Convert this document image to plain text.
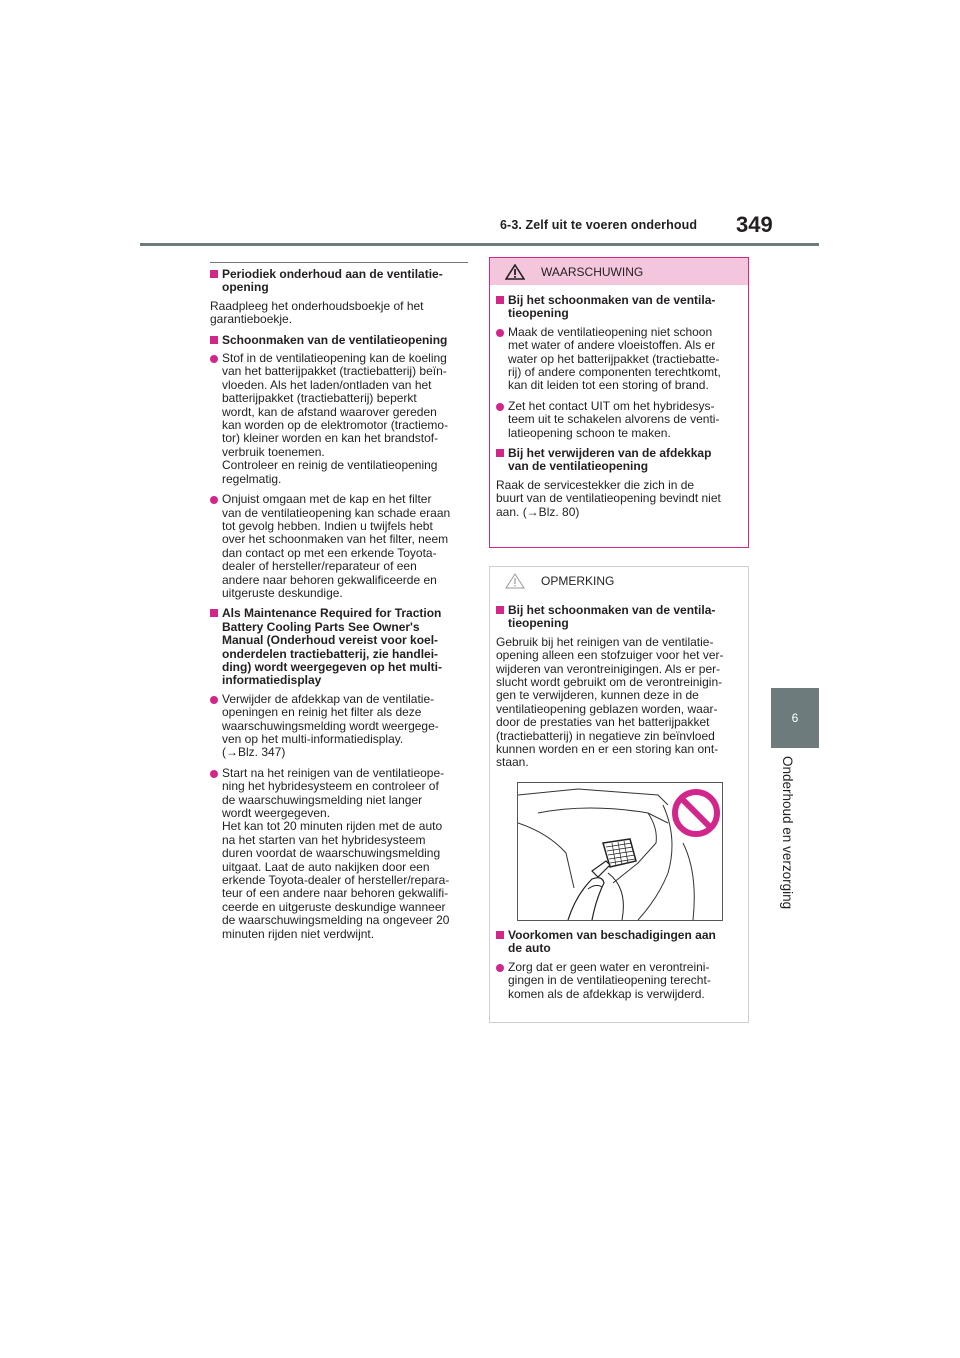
6-3. Zelf uit te voeren onderhoud 349
6
Onderhoud en verzorging
Periodiek onderhoud aan de ventilatie-
opening
Raadpleeg het onderhoudsboekje of het
garantieboekje.
Schoonmaken van de ventilatieopening
Stof in de ventilatieopening kan de koeling
van het batterijpakket (tractiebatterij) beïn-
vloeden. Als het laden/ontladen van het
batterijpakket (tractiebatterij) beperkt
wordt, kan de afstand waarover gereden
kan worden op de elektromotor (tractiemo-
tor) kleiner worden en kan het brandstof-
verbruik toenemen.
Controleer en reinig de ventilatieopening
regelmatig.
Onjuist omgaan met de kap en het filter
van de ventilatieopening kan schade eraan
tot gevolg hebben. Indien u twijfels hebt
over het schoonmaken van het filter, neem
dan contact op met een erkende Toyota-
dealer of hersteller/reparateur of een
andere naar behoren gekwalificeerde en
uitgeruste deskundige.
Als Maintenance Required for Traction
Battery Cooling Parts See Owner's
Manual (Onderhoud vereist voor koel-
onderdelen tractiebatterij, zie handlei-
ding) wordt weergegeven op het multi-
informatiedisplay
Verwijder de afdekkap van de ventilatie-
openingen en reinig het filter als deze
waarschuwingsmelding wordt weergege-
ven op het multi-informatiedisplay.
(→Blz. 347)
Start na het reinigen van de ventilatieope-
ning het hybridesysteem en controleer of
de waarschuwingsmelding niet langer
wordt weergegeven.
Het kan tot 20 minuten rijden met de auto
na het starten van het hybridesysteem
duren voordat de waarschuwingsmelding
uitgaat. Laat de auto nakijken door een
erkende Toyota-dealer of hersteller/repara-
teur of een andere naar behoren gekwalifi-
ceerde en uitgeruste deskundige wanneer
de waarschuwingsmelding na ongeveer 20
minuten rijden niet verdwijnt.
WAARSCHUWING
Bij het schoonmaken van de ventila-
tieopening
Maak de ventilatieopening niet schoon
met water of andere vloeistoffen. Als er
water op het batterijpakket (tractiebatte-
rij) of andere componenten terechtkomt,
kan dit leiden tot een storing of brand.
Zet het contact UIT om het hybridesys-
teem uit te schakelen alvorens de venti-
latieopening schoon te maken.
Bij het verwijderen van de afdekkap
van de ventilatieopening
Raak de servicestekker die zich in de
buurt van de ventilatieopening bevindt niet
aan. (→Blz. 80)
OPMERKING
Bij het schoonmaken van de ventila-
tieopening
Gebruik bij het reinigen van de ventilatie-
opening alleen een stofzuiger voor het ver-
wijderen van verontreinigingen. Als er per-
slucht wordt gebruikt om de verontreinigin-
gen te verwijderen, kunnen deze in de
ventilatieopening geblazen worden, waar-
door de prestaties van het batterijpakket
(tractiebatterij) in negatieve zin beïnvloed
kunnen worden en er een storing kan ont-
staan.
Voorkomen van beschadigingen aan
de auto
Zorg dat er geen water en verontreini-
gingen in de ventilatieopening terecht-
komen als de afdekkap is verwijderd.
